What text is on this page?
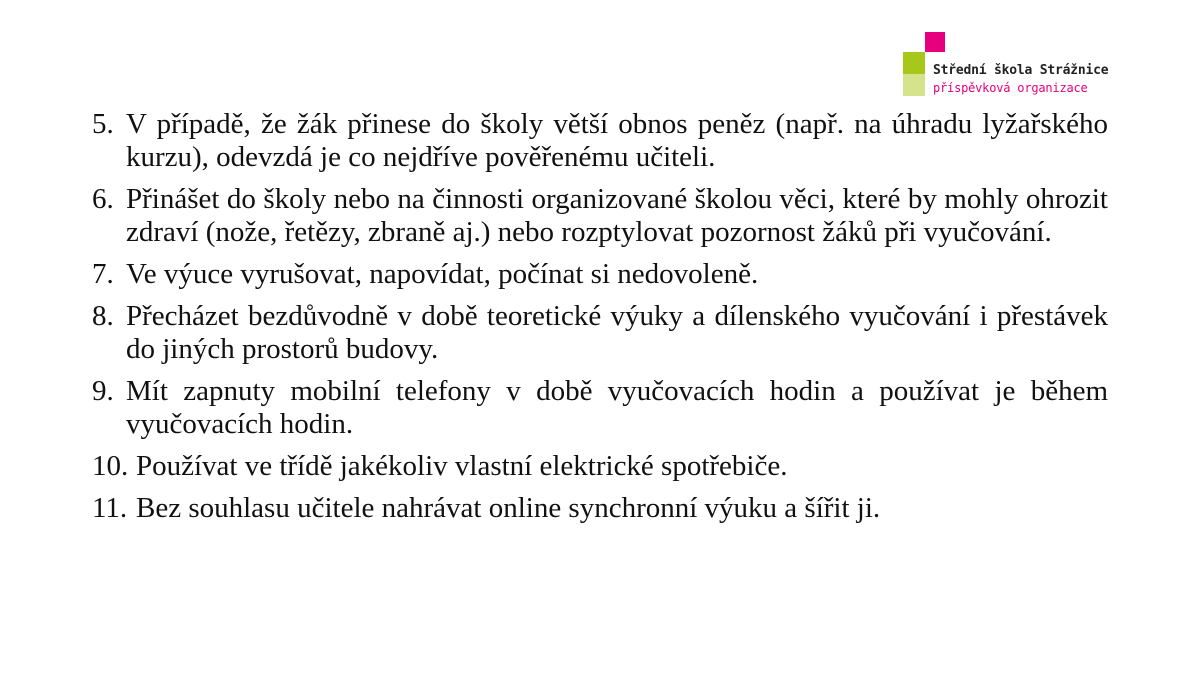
Střední škola Strážnice
příspěvková organizace
5. V případě, že žák přinese do školy větší obnos peněz (např. na úhradu lyžařského kurzu), odevzdá je co nejdříve pověřenému učiteli.
6. Přinášet do školy nebo na činnosti organizované školou věci, které by mohly ohrozit zdraví (nože, řetězy, zbraně aj.) nebo rozptylovat pozornost žáků při vyučování.
7. Ve výuce vyrušovat, napovídat, počínat si nedovoleně.
8. Přecházet bezdůvodně v době teoretické výuky a dílenského vyučování i přestávek do jiných prostorů budovy.
9. Mít zapnuty mobilní telefony v době vyučovacích hodin a používat je během vyučovacích hodin.
10. Používat ve třídě jakékoliv vlastní elektrické spotřebiče.
11. Bez souhlasu učitele nahrávat online synchronní výuku a šířit ji.
